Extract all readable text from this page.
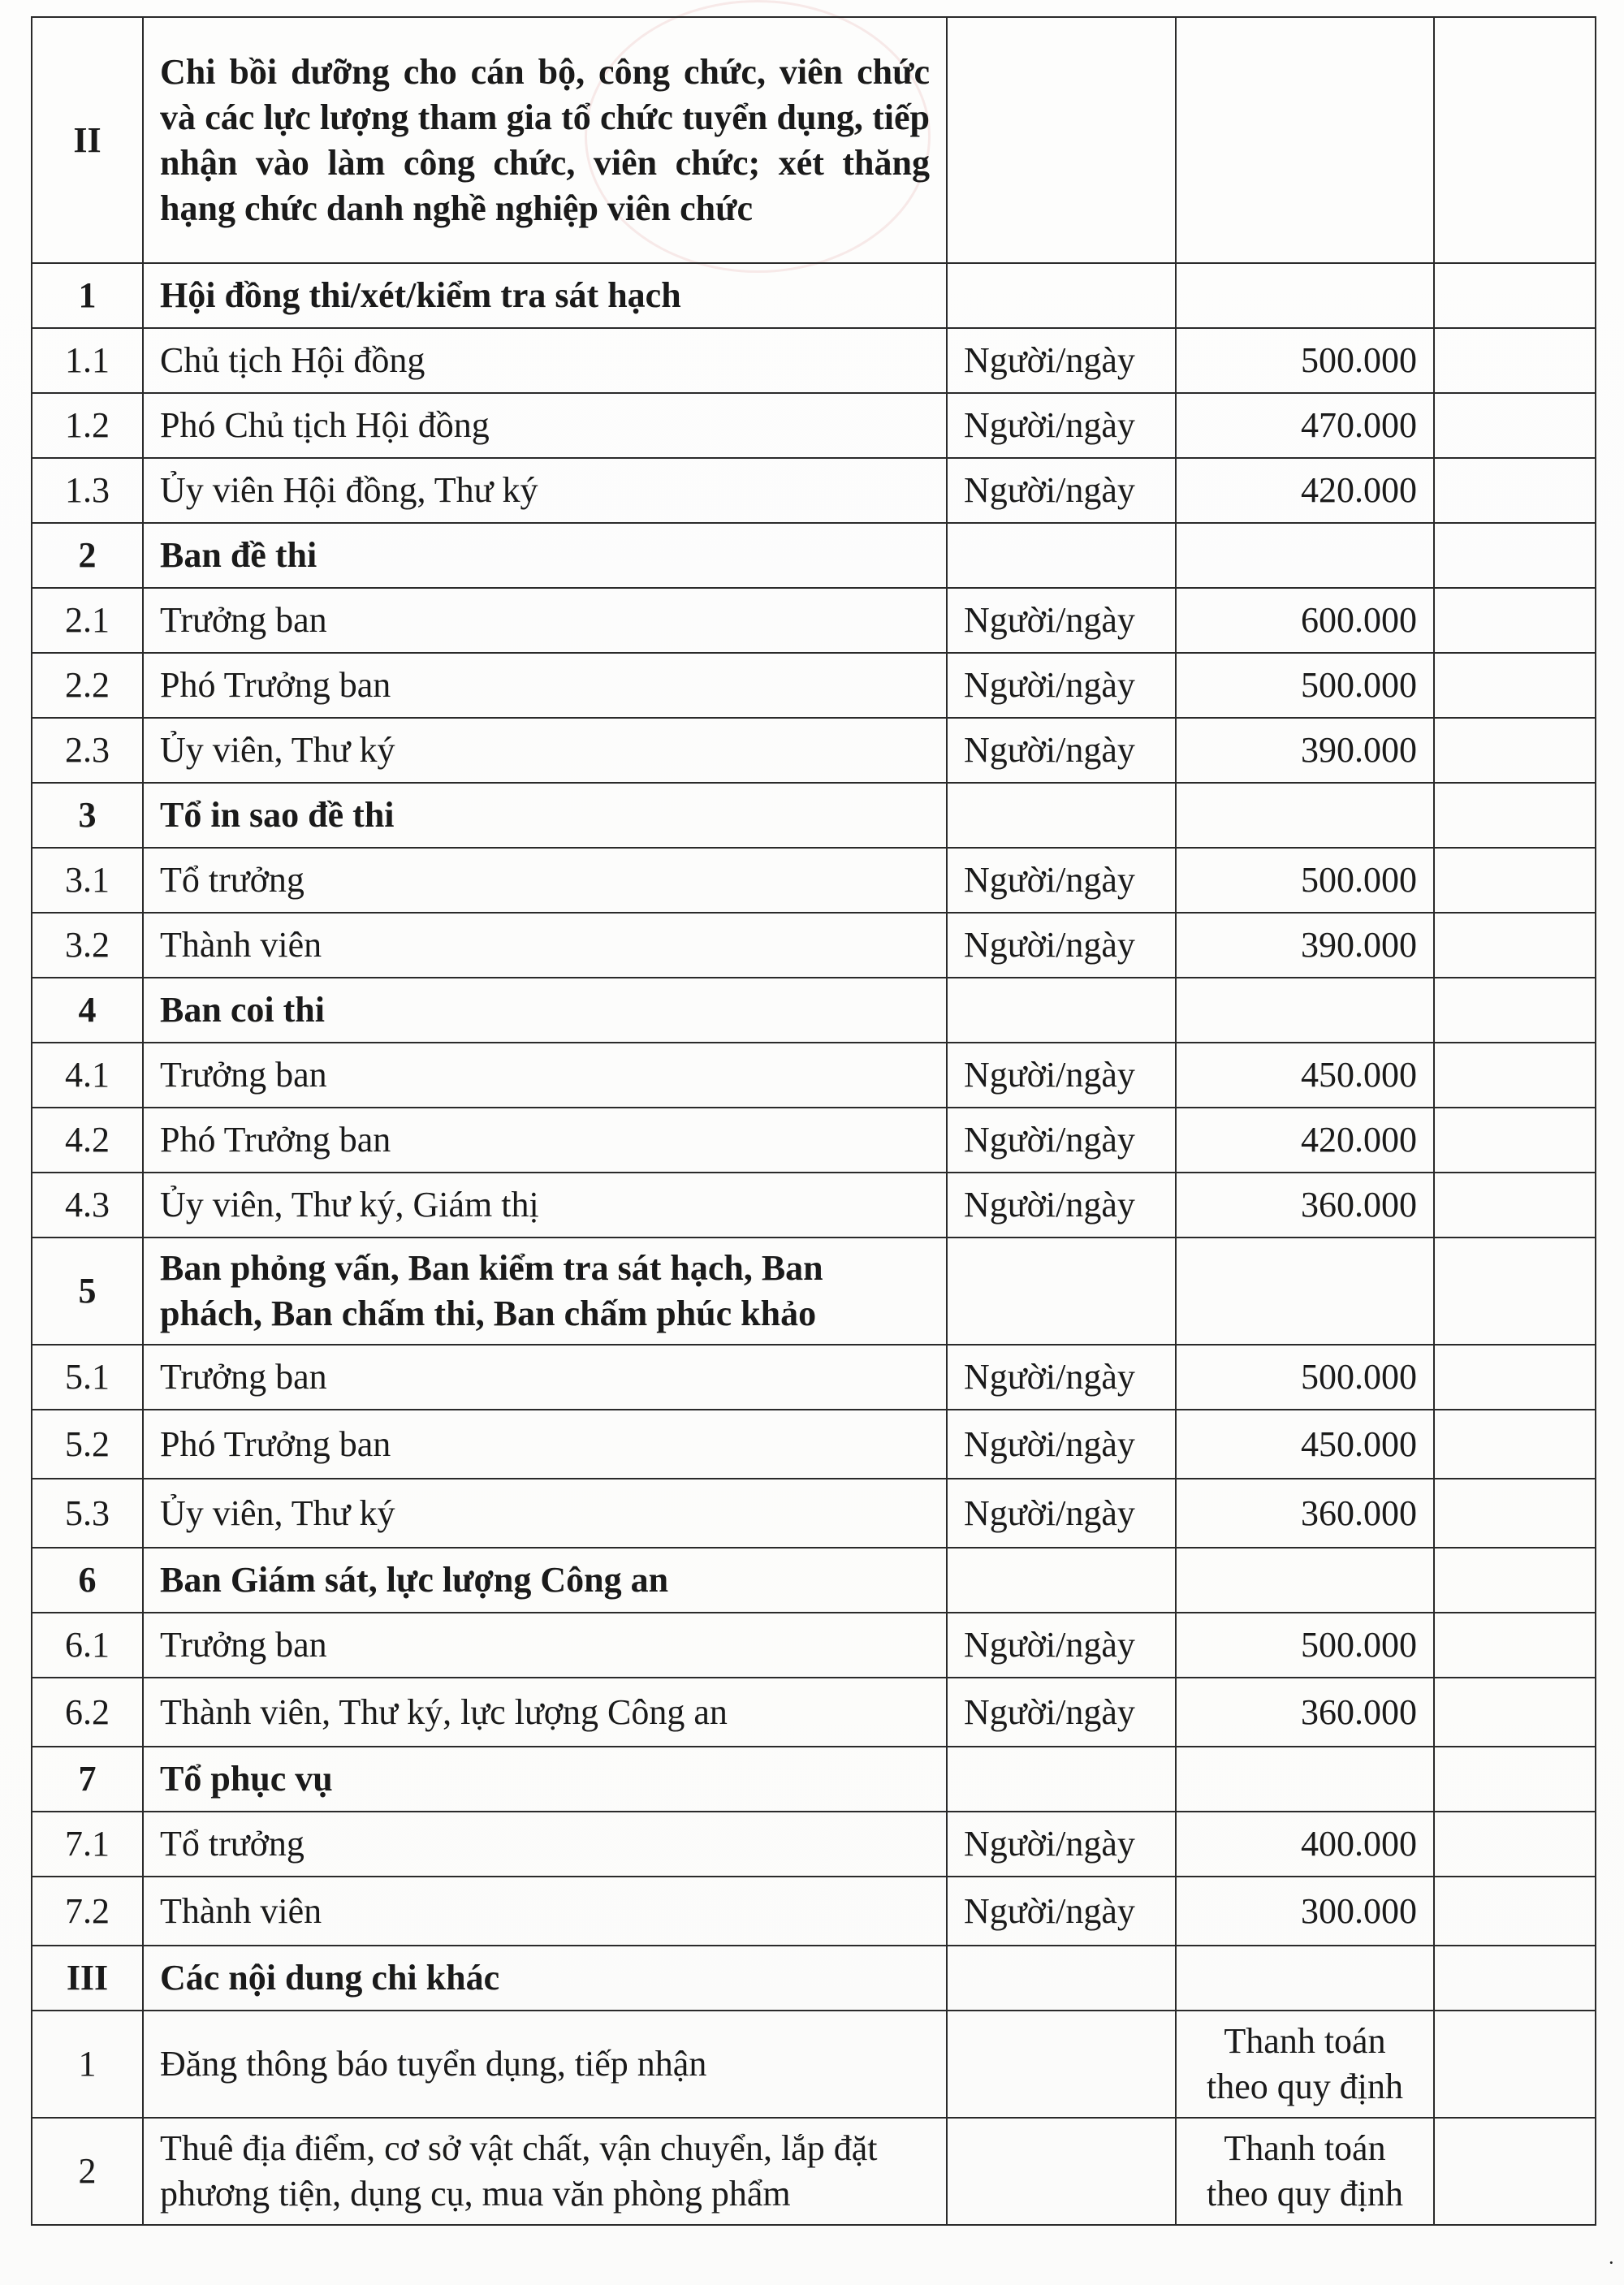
II	Chi bồi dưỡng cho cán bộ, công chức, viên chức và các lực lượng tham gia tổ chức tuyển dụng, tiếp nhận vào làm công chức, viên chức; xét thăng hạng chức danh nghề nghiệp viên chức			
1	Hội đồng thi/xét/kiểm tra sát hạch			
1.1	Chủ tịch Hội đồng	Người/ngày	500.000	
1.2	Phó Chủ tịch Hội đồng	Người/ngày	470.000	
1.3	Ủy viên Hội đồng, Thư ký	Người/ngày	420.000	
2	Ban đề thi			
2.1	Trưởng ban	Người/ngày	600.000	
2.2	Phó Trưởng ban	Người/ngày	500.000	
2.3	Ủy viên, Thư ký	Người/ngày	390.000	
3	Tổ in sao đề thi			
3.1	Tổ trưởng	Người/ngày	500.000	
3.2	Thành viên	Người/ngày	390.000	
4	Ban coi thi			
4.1	Trưởng ban	Người/ngày	450.000	
4.2	Phó Trưởng ban	Người/ngày	420.000	
4.3	Ủy viên, Thư ký, Giám thị	Người/ngày	360.000	
5	Ban phỏng vấn, Ban kiểm tra sát hạch, Ban phách, Ban chấm thi, Ban chấm phúc khảo			
5.1	Trưởng ban	Người/ngày	500.000	
5.2	Phó Trưởng ban	Người/ngày	450.000	
5.3	Ủy viên, Thư ký	Người/ngày	360.000	
6	Ban Giám sát, lực lượng Công an			
6.1	Trưởng ban	Người/ngày	500.000	
6.2	Thành viên, Thư ký, lực lượng Công an	Người/ngày	360.000	
7	Tổ phục vụ			
7.1	Tổ trưởng	Người/ngày	400.000	
7.2	Thành viên	Người/ngày	300.000	
III	Các nội dung chi khác			
1	Đăng thông báo tuyển dụng, tiếp nhận		Thanh toán theo quy định	
2	Thuê địa điểm, cơ sở vật chất, vận chuyển, lắp đặt phương tiện, dụng cụ, mua văn phòng phẩm		Thanh toán theo quy định	
·
